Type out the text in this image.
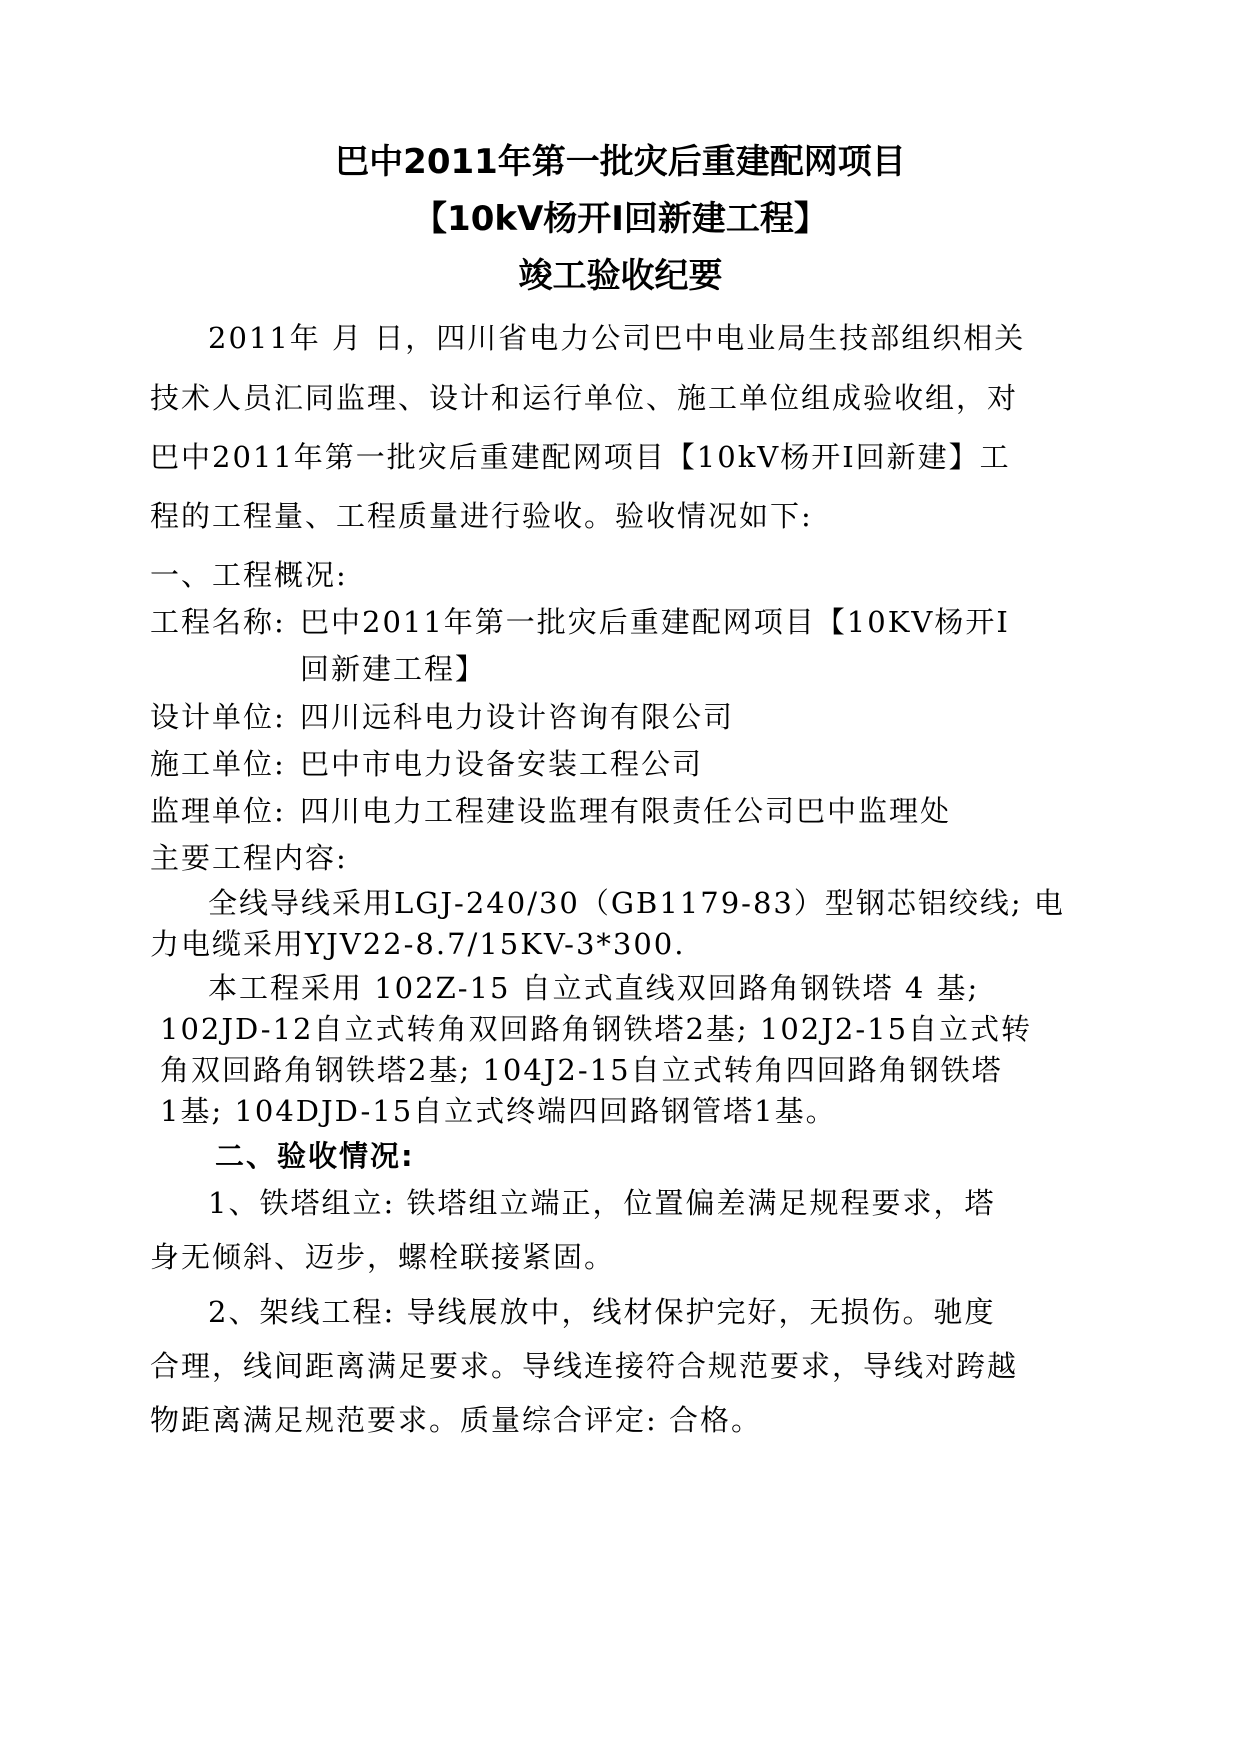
巴中2011年第一批灾后重建配网项目
【10kV杨开Ⅰ回新建工程】
竣工验收纪要
2011年 月 日，四川省电力公司巴中电业局生技部组织相关
技术人员汇同监理、设计和运行单位、施工单位组成验收组，对
巴中2011年第一批灾后重建配网项目【10kV杨开Ⅰ回新建】工
程的工程量、工程质量进行验收。验收情况如下:
一、工程概况:
工程名称: 巴中2011年第一批灾后重建配网项目【10KV杨开Ⅰ
回新建工程】
设计单位: 四川远科电力设计咨询有限公司
施工单位: 巴中市电力设备安装工程公司
监理单位: 四川电力工程建设监理有限责任公司巴中监理处
主要工程内容:
全线导线采用LGJ-240/30（GB1179-83）型钢芯铝绞线; 电
力电缆采用YJV22-8.7/15KV-3*300.
本工程采用 102Z-15 自立式直线双回路角钢铁塔 4 基;
102JD-12自立式转角双回路角钢铁塔2基; 102J2-15自立式转
角双回路角钢铁塔2基; 104J2-15自立式转角四回路角钢铁塔
1基; 104DJD-15自立式终端四回路钢管塔1基。
二、验收情况:
1、铁塔组立: 铁塔组立端正，位置偏差满足规程要求，塔
身无倾斜、迈步，螺栓联接紧固。
2、架线工程: 导线展放中，线材保护完好，无损伤。驰度
合理，线间距离满足要求。导线连接符合规范要求，导线对跨越
物距离满足规范要求。质量综合评定: 合格。
